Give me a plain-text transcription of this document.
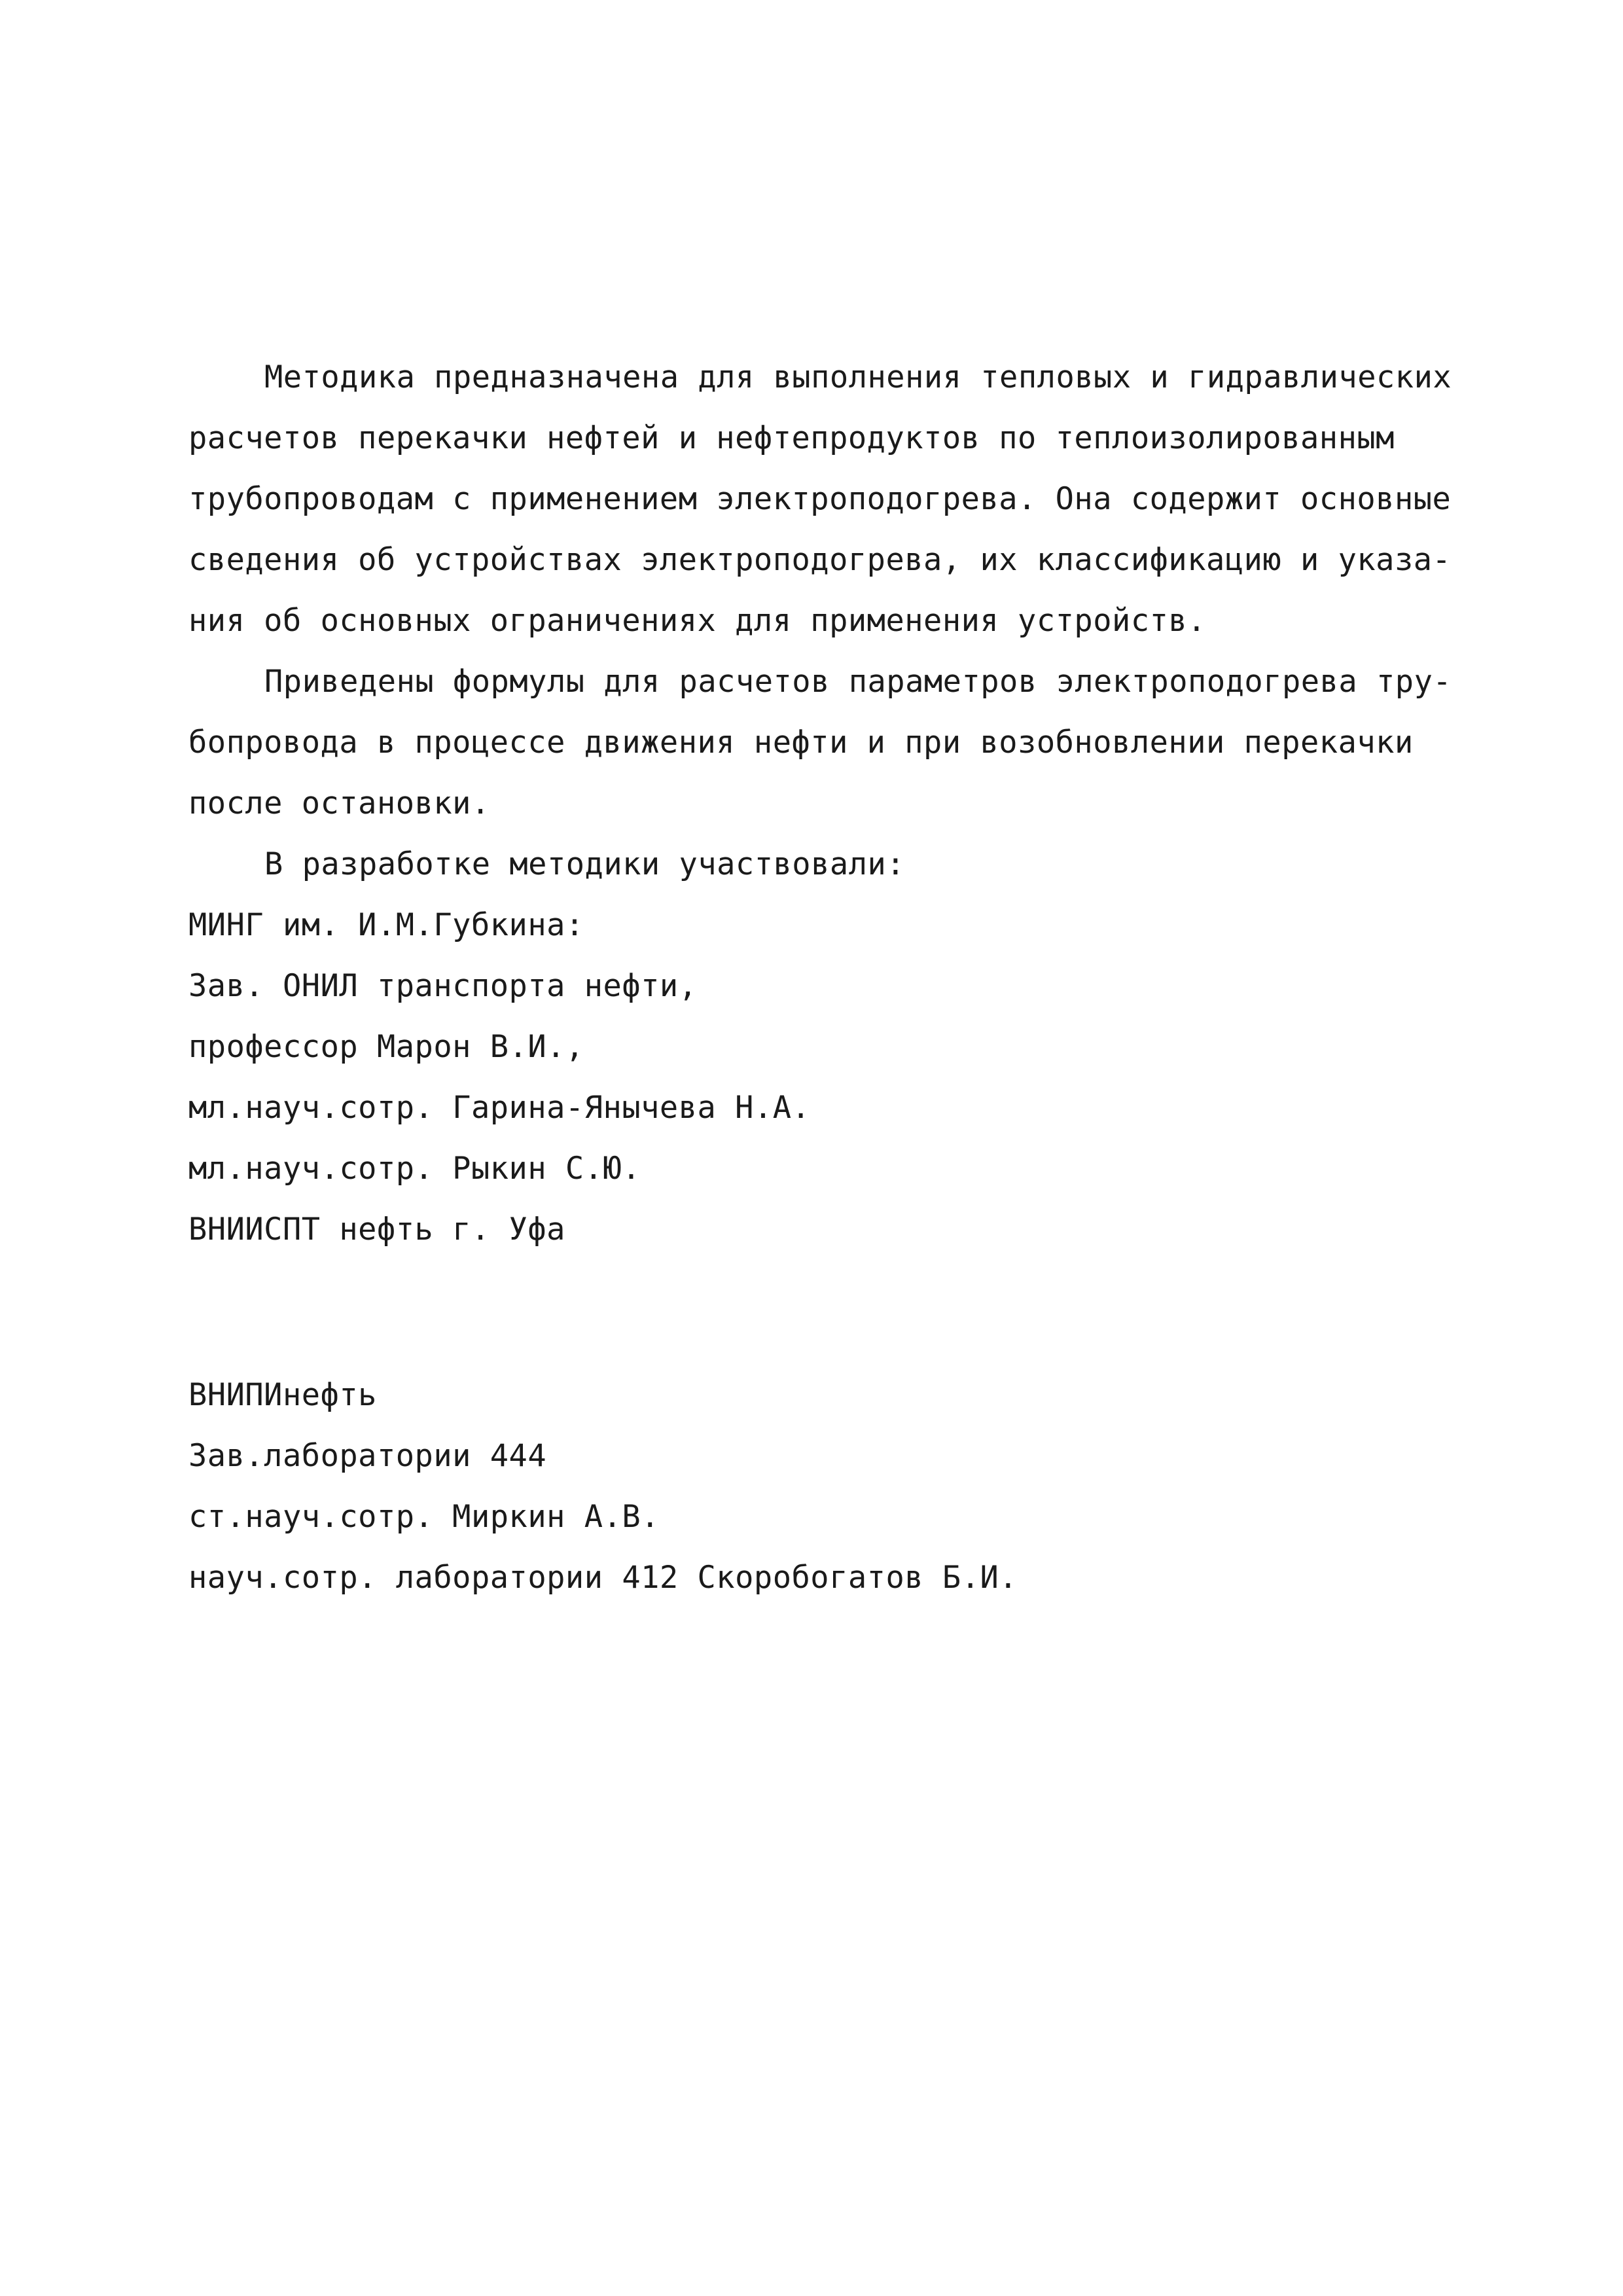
Методика предназначена для выполнения тепловых и гидравлических
расчетов перекачки нефтей и нефтепродуктов по теплоизолированным
трубопроводам с применением электроподогрева. Она содержит основные
сведения об устройствах электроподогрева, их классификацию и указа-
ния об основных ограничениях для применения устройств.
Приведены формулы для расчетов параметров электроподогрева тру-
бопровода в процессе движения нефти и при возобновлении перекачки
после остановки.
В разработке методики участвовали:
МИНГ им. И.М.Губкина:
Зав. ОНИЛ транспорта нефти,
профессор Марон В.И.,
мл.науч.сотр. Гарина-Янычева Н.А.
мл.науч.сотр. Рыкин С.Ю.
ВНИИСПТ нефть г. Уфа
ВНИПИнефть
Зав.лаборатории 444
ст.науч.сотр. Миркин А.В.
науч.сотр. лаборатории 412 Скоробогатов Б.И.
